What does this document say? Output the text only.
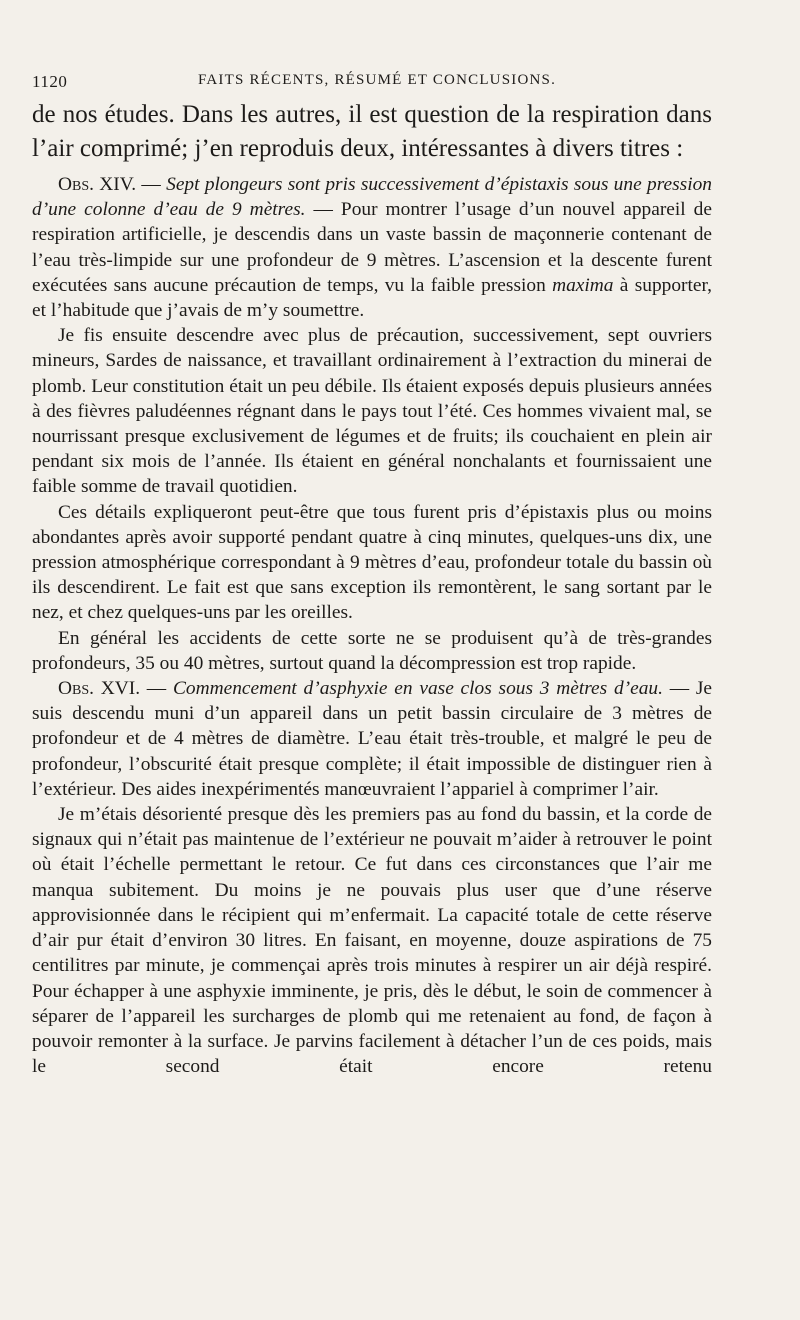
1120	FAITS RÉCENTS, RÉSUMÉ ET CONCLUSIONS.

de nos études. Dans les autres, il est question de la respiration dans l’air comprimé; j’en reproduis deux, intéressantes à divers titres :

Obs. XIV. — Sept plongeurs sont pris successivement d’épistaxis sous une pression d’une colonne d’eau de 9 mètres. — Pour montrer l’usage d’un nouvel appareil de respiration artificielle, je descendis dans un vaste bassin de maçonnerie contenant de l’eau très-limpide sur une profondeur de 9 mètres. L’ascension et la descente furent exécutées sans aucune précaution de temps, vu la faible pression maxima à supporter, et l’habitude que j’avais de m’y soumettre.

Je fis ensuite descendre avec plus de précaution, successivement, sept ouvriers mineurs, Sardes de naissance, et travaillant ordinairement à l’extraction du minerai de plomb. Leur constitution était un peu débile. Ils étaient exposés depuis plusieurs années à des fièvres paludéennes régnant dans le pays tout l’été. Ces hommes vivaient mal, se nourrissant presque exclusivement de légumes et de fruits; ils couchaient en plein air pendant six mois de l’année. Ils étaient en général nonchalants et fournissaient une faible somme de travail quotidien.

Ces détails expliqueront peut-être que tous furent pris d’épistaxis plus ou moins abondantes après avoir supporté pendant quatre à cinq minutes, quelques-uns dix, une pression atmosphérique correspondant à 9 mètres d’eau, profondeur totale du bassin où ils descendirent. Le fait est que sans exception ils remontèrent, le sang sortant par le nez, et chez quelques-uns par les oreilles.

En général les accidents de cette sorte ne se produisent qu’à de très-grandes profondeurs, 35 ou 40 mètres, surtout quand la décompression est trop rapide.

Obs. XVI. — Commencement d’asphyxie en vase clos sous 3 mètres d’eau. — Je suis descendu muni d’un appareil dans un petit bassin circulaire de 3 mètres de profondeur et de 4 mètres de diamètre. L’eau était très-trouble, et malgré le peu de profondeur, l’obscurité était presque complète; il était impossible de distinguer rien à l’extérieur. Des aides inexpérimentés manœuvraient l’appariel à comprimer l’air.

Je m’étais désorienté presque dès les premiers pas au fond du bassin, et la corde de signaux qui n’était pas maintenue de l’extérieur ne pouvait m’aider à retrouver le point où était l’échelle permettant le retour. Ce fut dans ces circonstances que l’air me manqua subitement. Du moins je ne pouvais plus user que d’une réserve approvisionnée dans le récipient qui m’enfermait. La capacité totale de cette réserve d’air pur était d’environ 30 litres. En faisant, en moyenne, douze aspirations de 75 centilitres par minute, je commençai après trois minutes à respirer un air déjà respiré. Pour échapper à une asphyxie imminente, je pris, dès le début, le soin de commencer à séparer de l’appareil les surcharges de plomb qui me retenaient au fond, de façon à pouvoir remonter à la surface. Je parvins facilement à détacher l’un de ces poids, mais le second était encore retenu
